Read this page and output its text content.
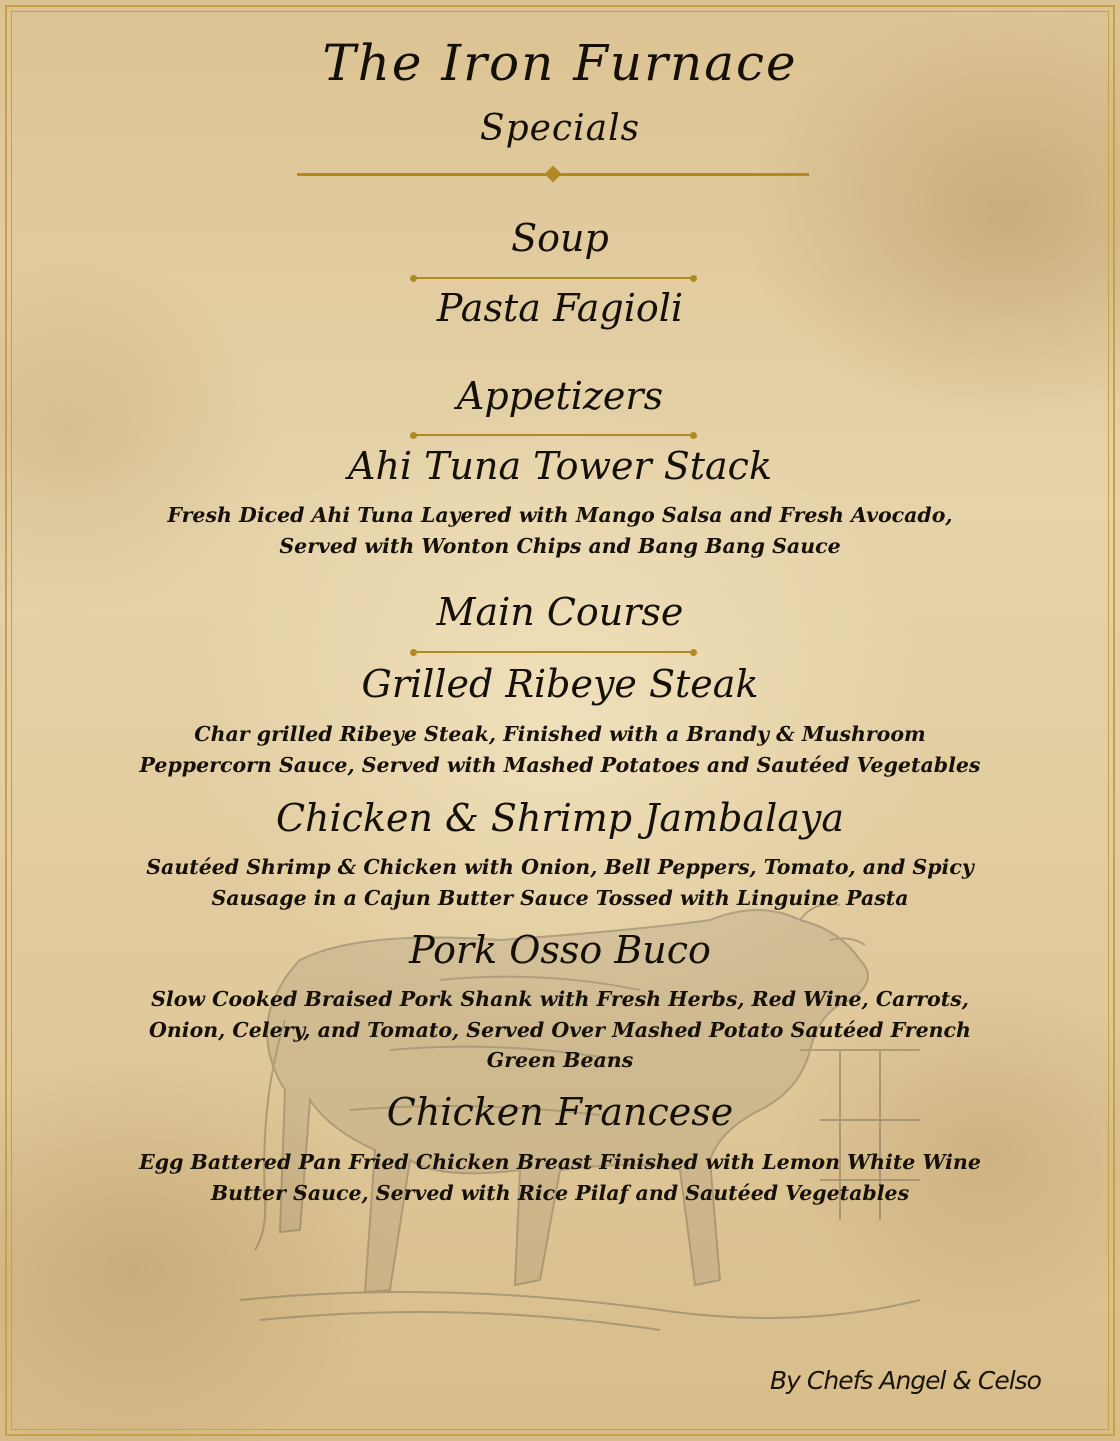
The Iron Furnace
Specials
Soup
Pasta Fagioli
Appetizers
Ahi Tuna Tower Stack
Fresh Diced Ahi Tuna Layered with Mango Salsa and Fresh Avocado, Served with Wonton Chips and Bang Bang Sauce
Main Course
Grilled Ribeye Steak
Char grilled Ribeye Steak, Finished with a Brandy & Mushroom Peppercorn Sauce, Served with Mashed Potatoes and Sautéed Vegetables
Chicken & Shrimp Jambalaya
Sautéed Shrimp & Chicken with Onion, Bell Peppers, Tomato, and Spicy Sausage in a Cajun Butter Sauce Tossed with Linguine Pasta
Pork Osso Buco
Slow Cooked Braised Pork Shank with Fresh Herbs, Red Wine, Carrots, Onion, Celery, and Tomato, Served Over Mashed Potato Sautéed French Green Beans
Chicken Francese
Egg Battered Pan Fried Chicken Breast Finished with Lemon White Wine Butter Sauce, Served with Rice Pilaf and Sautéed Vegetables
By Chefs Angel & Celso
